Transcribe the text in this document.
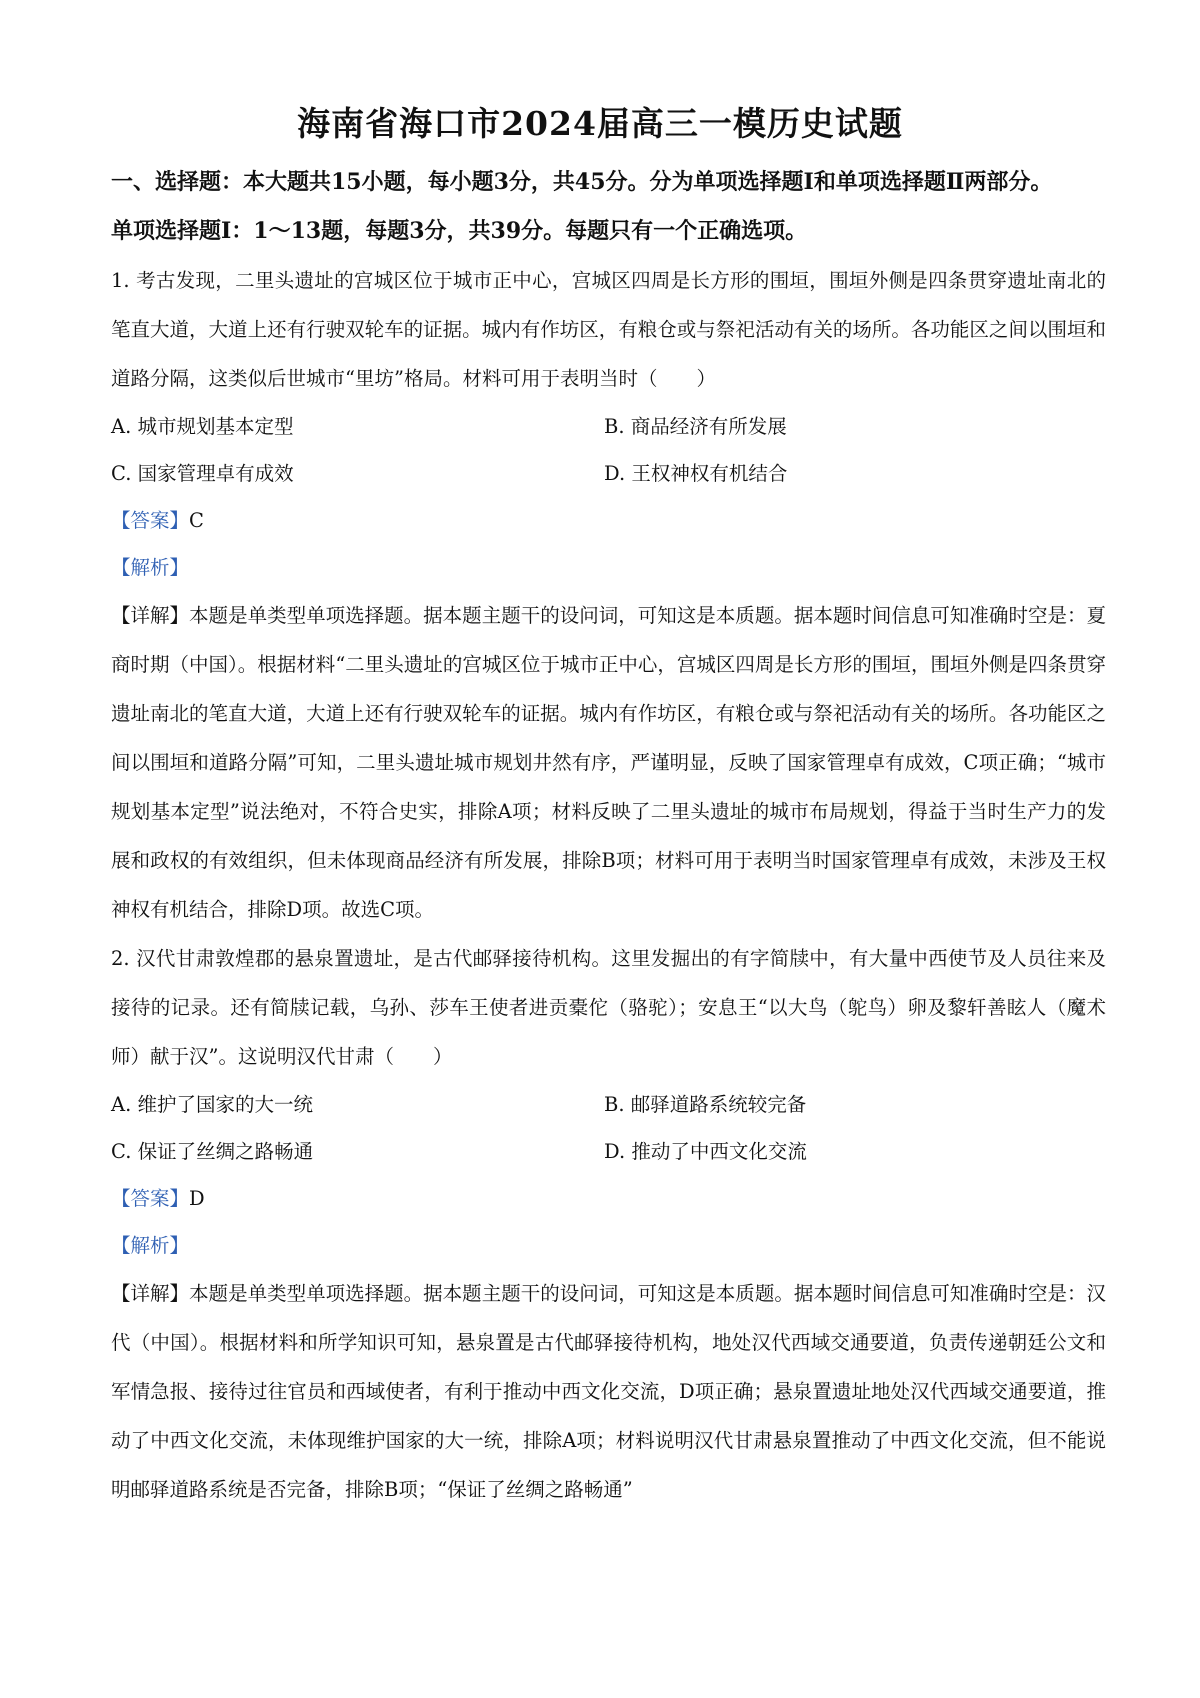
海南省海口市2024届高三一模历史试题

一、选择题：本大题共15小题，每小题3分，共45分。分为单项选择题Ⅰ和单项选择题Ⅱ两部分。

单项选择题Ⅰ：1～13题，每题3分，共39分。每题只有一个正确选项。

1. 考古发现，二里头遗址的宫城区位于城市正中心，宫城区四周是长方形的围垣，围垣外侧是四条贯穿遗址南北的笔直大道，大道上还有行驶双轮车的证据。城内有作坊区，有粮仓或与祭祀活动有关的场所。各功能区之间以围垣和道路分隔，这类似后世城市“里坊”格局。材料可用于表明当时（　　）

A. 城市规划基本定型	B. 商品经济有所发展
C. 国家管理卓有成效	D. 王权神权有机结合

【答案】C

【解析】

【详解】本题是单类型单项选择题。据本题主题干的设问词，可知这是本质题。据本题时间信息可知准确时空是：夏商时期（中国）。根据材料“二里头遗址的宫城区位于城市正中心，宫城区四周是长方形的围垣，围垣外侧是四条贯穿遗址南北的笔直大道，大道上还有行驶双轮车的证据。城内有作坊区，有粮仓或与祭祀活动有关的场所。各功能区之间以围垣和道路分隔”可知，二里头遗址城市规划井然有序，严谨明显，反映了国家管理卓有成效，C项正确；“城市规划基本定型”说法绝对，不符合史实，排除A项；材料反映了二里头遗址的城市布局规划，得益于当时生产力的发展和政权的有效组织，但未体现商品经济有所发展，排除B项；材料可用于表明当时国家管理卓有成效，未涉及王权神权有机结合，排除D项。故选C项。

2. 汉代甘肃敦煌郡的悬泉置遗址，是古代邮驿接待机构。这里发掘出的有字简牍中，有大量中西使节及人员往来及接待的记录。还有简牍记载，乌孙、莎车王使者进贡橐佗（骆驼）；安息王“以大鸟（鸵鸟）卵及黎轩善眩人（魔术师）献于汉”。这说明汉代甘肃（　　）

A. 维护了国家的大一统	B. 邮驿道路系统较完备
C. 保证了丝绸之路畅通	D. 推动了中西文化交流

【答案】D

【解析】

【详解】本题是单类型单项选择题。据本题主题干的设问词，可知这是本质题。据本题时间信息可知准确时空是：汉代（中国）。根据材料和所学知识可知，悬泉置是古代邮驿接待机构，地处汉代西域交通要道，负责传递朝廷公文和军情急报、接待过往官员和西域使者，有利于推动中西文化交流，D项正确；悬泉置遗址地处汉代西域交通要道，推动了中西文化交流，未体现维护国家的大一统，排除A项；材料说明汉代甘肃悬泉置推动了中西文化交流，但不能说明邮驿道路系统是否完备，排除B项；“保证了丝绸之路畅通”
